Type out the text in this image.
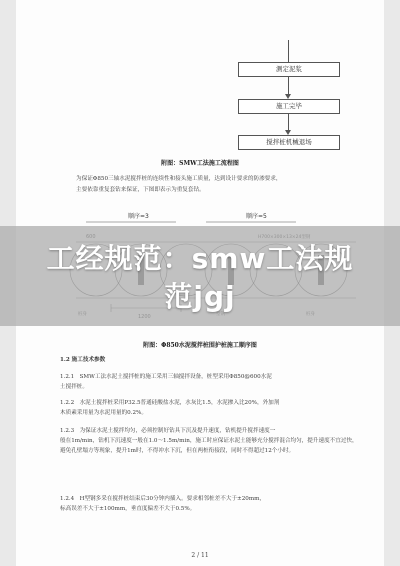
测定泥浆
施工完毕
搅拌桩机械退场
附图：SMW工法施工流程图
为保证Φ850三轴水泥搅拌桩的连续性和接头施工质量，达到设计要求的防渗要求，
主要依靠重复套钻来保证，下图即表示为重复套钻。
顺序=3	顺序=5
附图：Φ850水泥搅拌桩围护桩施工顺序图
1.2 施工技术参数
1.2.1 SMW工法水泥土搅拌桩的施工采用三轴搅拌设备，桩型采用Φ850@600水泥
土搅拌桩。
1.2.2 水泥土搅拌桩采用P32.5普通硅酸盐水泥，水灰比1.5，水泥掺入比20%，外加剂
木质素采用量为水泥用量的0.2%。
1.2.3 为保证水泥土搅拌均匀，必须控制好钻具下沉及提升速度，钻机提升搅拌速度一
般在1m/min，钻机下沉速度一般在1.0～1.5m/min，施工时应保证水泥土能够充分搅拌混合均匀，提升速度不宜过快，避免孔壁塌方等现象，提升1m时，不得冲水下沉，但在两桩衔接段，同时不得超过12个小时。
1.2.4 H型钢多采在搅拌桩结束后30分钟内插入。要求相邻桩差不大于±20mm，
标高误差不大于±100mm，垂直度偏差不大于0.5%。
2 / 11
工经规范：smw工法规
范jgj
